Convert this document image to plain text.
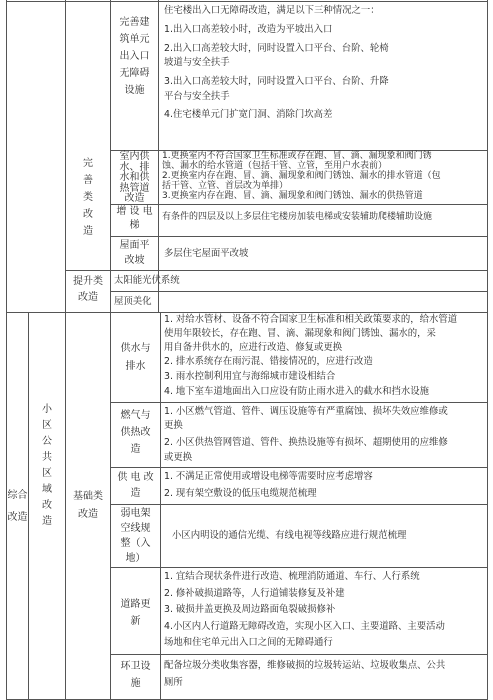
完善建
筑单元
出入口
无障碍
设施
住宅楼出入口无障碍改造，满足以下三种情况之一：
1.出入口高差较小时，改造为平坡出入口
2.出入口高差较大时，同时设置入口平台、台阶、轮椅
坡道与安全扶手
3.出入口高差较大时，同时设置入口平台、台阶、升降
平台与安全扶手
4.住宅楼单元门扩宽门洞、消除门坎高差
完
善
类
改
造
室内供
水、排
水和供
热管道
改造
1.更换室内不符合国家卫生标准或存在跑、冒、滴、漏现象和阀门锈
蚀、漏水的给水管道（包括干管、立管，至用户水表前）
2.更换室内存在跑、冒、滴、漏现象和阀门锈蚀、漏水的排水管道（包
括干管、立管、首层改为单排）
3.更换室内存在跑、冒、滴、漏现象和阀门锈蚀、漏水的供热管道
增 设 电
梯
有条件的四层及以上多层住宅楼房加装电梯或安装辅助爬楼辅助设施
屋面平
改坡
多层住宅屋面平改坡
提升类
改造
太阳能光伏系统
屋顶美化
综合
改造
小
区
公
共
区
域
改
造
基础类
改造
供水与
排水
1. 对给水管材、设备不符合国家卫生标准和相关政策要求的，给水管道
使用年限较长，存在跑、冒、滴、漏现象和阀门锈蚀、漏水的，采
用自备井供水的，应进行改造、修复或更换
2. 排水系统存在雨污混、错接情况的，应进行改造
3. 雨水控制利用宜与海绵城市建设相结合
4. 地下室车道地面出入口应设有防止雨水进入的截水和挡水设施
燃气与
供热改
造
1. 小区燃气管道、管件、调压设施等有严重腐蚀、损坏失效应维修或
更换
2. 小区供热管网管道、管件、换热设施等有损坏、超期使用的应维修
或更换
供 电 改
造
1. 不满足正常使用或增设电梯等需要时应考虑增容
2. 现有架空敷设的低压电缆规范梳理
弱电架
空线规
整（入
地）
小区内明设的通信光缆、有线电视等线路应进行规范梳理
道路更
新
1. 宜结合现状条件进行改造、梳理消防通道、车行、人行系统
2. 修补破损道路等，人行道铺装修复及补建
3. 破损井盖更换及周边路面龟裂破损修补
4.小区内人行道路无障碍改造，实现小区入口、主要道路、主要活动
场地和住宅单元出入口之间的无障碍通行
环卫设
施
配备垃圾分类收集容器，维修破损的垃圾转运站、垃圾收集点、公共
厕所
